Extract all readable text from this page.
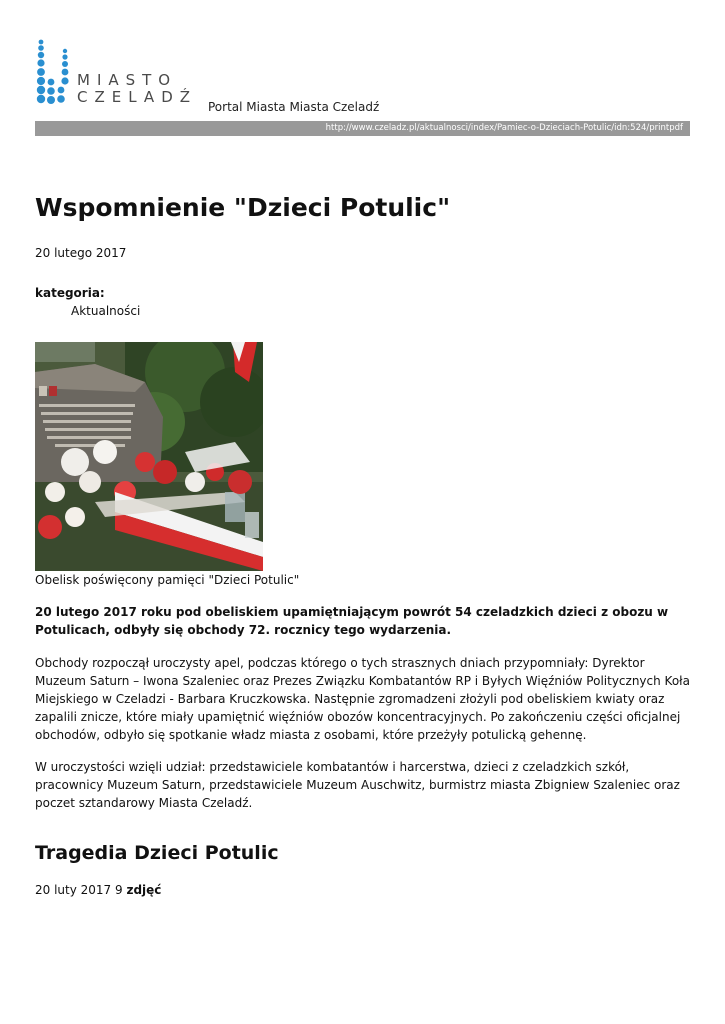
MIASTO
CZELADŹ
Portal Miasta Miasta Czeladź
http://www.czeladz.pl/aktualnosci/index/Pamiec-o-Dzieciach-Potulic/idn:524/printpdf
Wspomnienie "Dzieci Potulic"
20 lutego 2017
kategoria:
Aktualności
Obelisk poświęcony pamięci "Dzieci Potulic"

20 lutego 2017 roku pod obeliskiem upamiętniającym powrót 54 czeladzkich dzieci z obozu w Potulicach, odbyły się obchody 72. rocznicy tego wydarzenia.

Obchody rozpoczął uroczysty apel, podczas którego o tych strasznych dniach przypomniały: Dyrektor Muzeum Saturn – Iwona Szaleniec oraz Prezes Związku Kombatantów RP i Byłych Więźniów Politycznych Koła Miejskiego w Czeladzi - Barbara Kruczkowska. Następnie zgromadzeni złożyli pod obeliskiem kwiaty oraz zapalili znicze, które miały upamiętnić więźniów obozów koncentracyjnych. Po zakończeniu części oficjalnej obchodów, odbyło się spotkanie władz miasta z osobami, które przeżyły potulicką gehennę.

W uroczystości wzięli udział: przedstawiciele kombatantów i harcerstwa, dzieci z czeladzkich szkół, pracownicy Muzeum Saturn, przedstawiciele Muzeum Auschwitz, burmistrz miasta Zbigniew Szaleniec oraz poczet sztandarowy Miasta Czeladź.

Tragedia Dzieci Potulic
20 luty 2017 9 zdjęć
